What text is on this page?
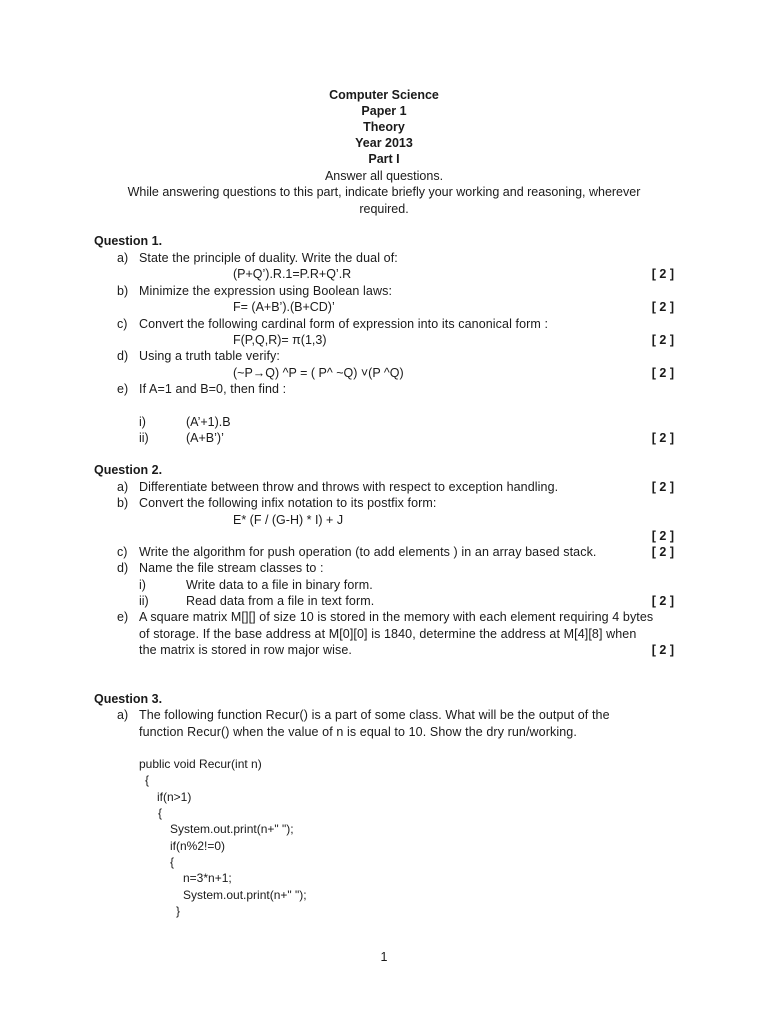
Computer Science
Paper 1
Theory
Year 2013
Part I
Answer all questions.
While answering questions to this part, indicate briefly your working and reasoning, wherever
required.
Question 1.
a) State the principle of duality. Write the dual of:
(P+Q’).R.1=P.R+Q’.R	[ 2 ]
b) Minimize the expression using Boolean laws:
F= (A+B’).(B+CD)’	[ 2 ]
c) Convert the following cardinal form of expression into its canonical form :
F(P,Q,R)= π(1,3)	[ 2 ]
d) Using a truth table verify:
(~P→Q) ^P = ( P^ ~Q) ˅(P ^Q)	[ 2 ]
e) If A=1 and B=0, then find :
i)	(A’+1).B
ii)	(A+B’)’	[ 2 ]
Question 2.
a) Differentiate between throw and throws with respect to exception handling.	[ 2 ]
b) Convert the following infix notation to its postfix form:
E* (F / (G-H) * I) + J
[ 2 ]
c) Write the algorithm for push operation (to add elements ) in an array based stack.	[ 2 ]
d) Name the file stream classes to :
i)	Write data to a file in binary form.
ii)	Read data from a file in text form.	[ 2 ]
e) A square matrix M[][] of size 10 is stored in the memory with each element requiring 4 bytes
of storage. If the base address at M[0][0] is 1840, determine the address at M[4][8] when
the matrix is stored in row major wise.	[ 2 ]
Question 3.
a) The following function Recur() is a part of some class. What will be the output of the
function Recur() when the value of n is equal to 10. Show the dry run/working.
public void Recur(int n)
{
if(n>1)
{
System.out.print(n+" ");
if(n%2!=0)
{
n=3*n+1;
System.out.print(n+" ");
}
1
